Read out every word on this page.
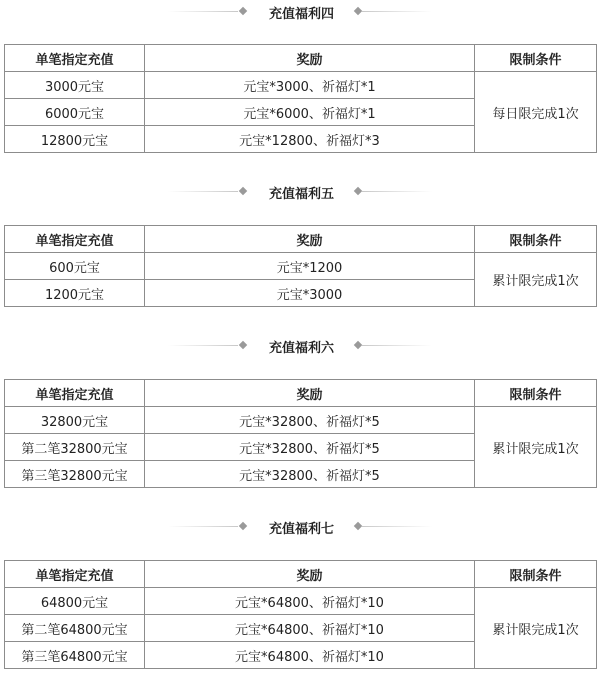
充值福利四
单笔指定充值	奖励	限制条件
3000元宝	元宝*3000、祈福灯*1	每日限完成1次
6000元宝	元宝*6000、祈福灯*1	
12800元宝	元宝*12800、祈福灯*3	
充值福利五
单笔指定充值	奖励	限制条件
600元宝	元宝*1200	累计限完成1次
1200元宝	元宝*3000	
充值福利六
单笔指定充值	奖励	限制条件
32800元宝	元宝*32800、祈福灯*5	累计限完成1次
第二笔32800元宝	元宝*32800、祈福灯*5	
第三笔32800元宝	元宝*32800、祈福灯*5	
充值福利七
单笔指定充值	奖励	限制条件
64800元宝	元宝*64800、祈福灯*10	累计限完成1次
第二笔64800元宝	元宝*64800、祈福灯*10	
第三笔64800元宝	元宝*64800、祈福灯*10	
